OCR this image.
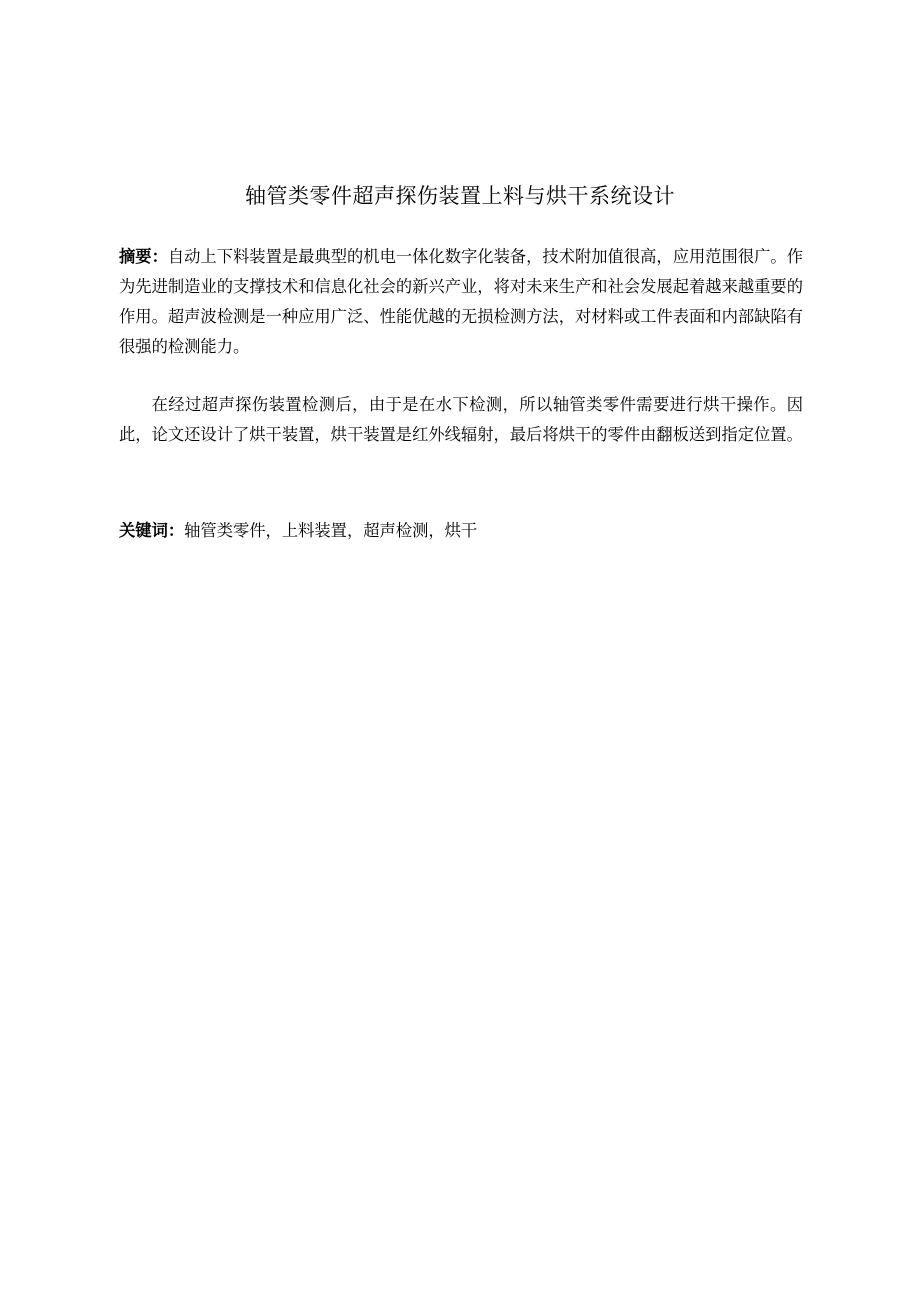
轴管类零件超声探伤装置上料与烘干系统设计

摘要：自动上下料装置是最典型的机电一体化数字化装备，技术附加值很高，应用范围很广。作为先进制造业的支撑技术和信息化社会的新兴产业，将对未来生产和社会发展起着越来越重要的作用。超声波检测是一种应用广泛、性能优越的无损检测方法，对材料或工件表面和内部缺陷有很强的检测能力。

在经过超声探伤装置检测后，由于是在水下检测，所以轴管类零件需要进行烘干操作。因此，论文还设计了烘干装置，烘干装置是红外线辐射，最后将烘干的零件由翻板送到指定位置。

关键词：轴管类零件，上料装置，超声检测，烘干
